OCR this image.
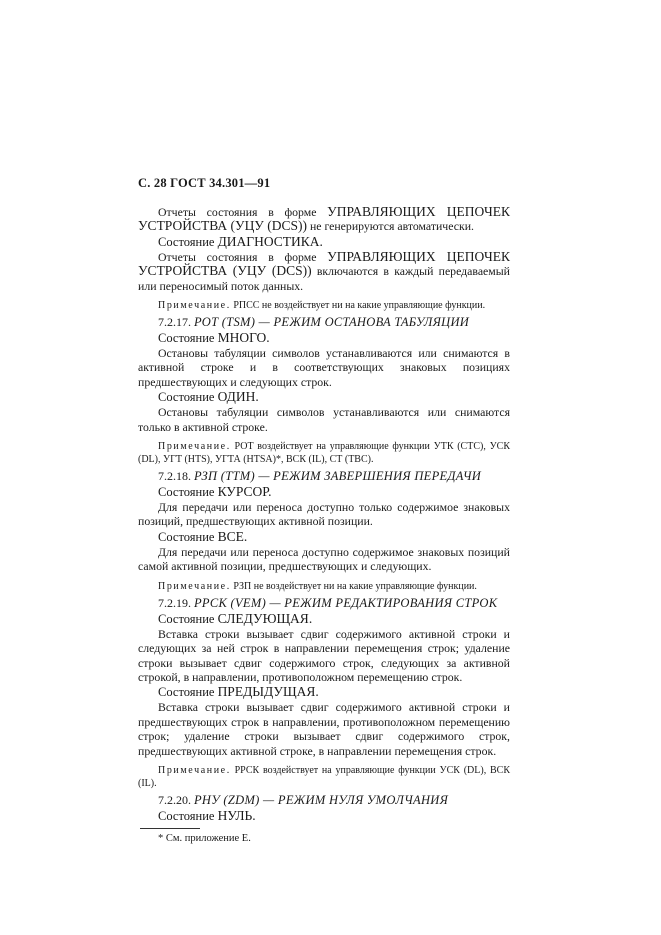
С. 28 ГОСТ 34.301—91
Отчеты состояния в форме УПРАВЛЯЮЩИХ ЦЕПОЧЕК УСТРОЙСТВА (УЦУ (DCS)) не генерируются автоматически.
Состояние ДИАГНОСТИКА.
Отчеты состояния в форме УПРАВЛЯЮЩИХ ЦЕПОЧЕК УСТРОЙСТВА (УЦУ (DCS)) включаются в каждый передаваемый или переносимый поток данных.
Примечание. РПСС не воздействует ни на какие управляющие функции.
7.2.17. РОТ (TSM) — РЕЖИМ ОСТАНОВА ТАБУЛЯЦИИ
Состояние МНОГО.
Остановы табуляции символов устанавливаются или снимаются в активной строке и в соответствующих знаковых позициях предшествующих и следующих строк.
Состояние ОДИН.
Остановы табуляции символов устанавливаются или снимаются только в активной строке.
Примечание. РОТ воздействует на управляющие функции УТК (СТС), УСК (DL), УГТ (HTS), УГТА (HTSA)*, ВСК (IL), СТ (ТВС).
7.2.18. РЗП (TTM) — РЕЖИМ ЗАВЕРШЕНИЯ ПЕРЕДАЧИ
Состояние КУРСОР.
Для передачи или переноса доступно только содержимое знаковых позиций, предшествующих активной позиции.
Состояние ВСЕ.
Для передачи или переноса доступно содержимое знаковых позиций самой активной позиции, предшествующих и следующих.
Примечание. РЗП не воздействует ни на какие управляющие функции.
7.2.19. РРСК (VEM) — РЕЖИМ РЕДАКТИРОВАНИЯ СТРОК
Состояние СЛЕДУЮЩАЯ.
Вставка строки вызывает сдвиг содержимого активной строки и следующих за ней строк в направлении перемещения строк; удаление строки вызывает сдвиг содержимого строк, следующих за активной строкой, в направлении, противоположном перемещению строк.
Состояние ПРЕДЫДУЩАЯ.
Вставка строки вызывает сдвиг содержимого активной строки и предшествующих строк в направлении, противоположном перемещению строк; удаление строки вызывает сдвиг содержимого строк, предшествующих активной строке, в направлении перемещения строк.
Примечание. РРСК воздействует на управляющие функции УСК (DL), ВСК (IL).
7.2.20. РНУ (ZDM) — РЕЖИМ НУЛЯ УМОЛЧАНИЯ
Состояние НУЛЬ.
* См. приложение Е.
